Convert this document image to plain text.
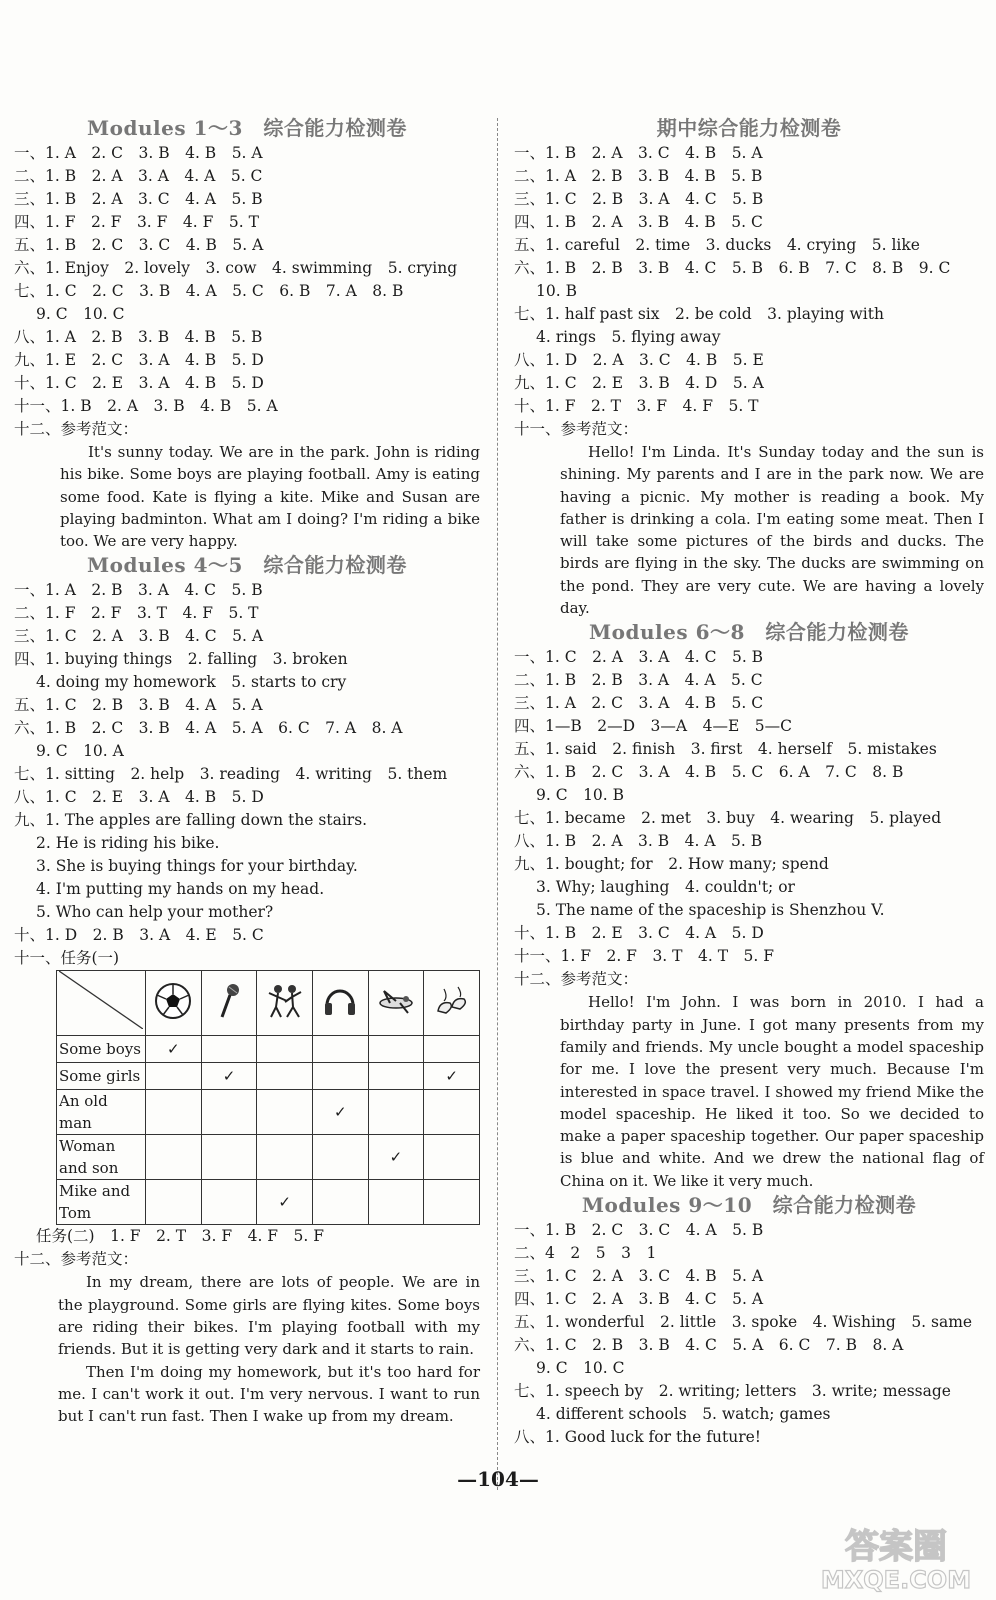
Modules 1～3　综合能力检测卷
一、1. A　2. C　3. B　4. B　5. A
二、1. B　2. A　3. A　4. A　5. C
三、1. B　2. A　3. C　4. A　5. B
四、1. F　2. F　3. F　4. F　5. T
五、1. B　2. C　3. C　4. B　5. A
六、1. Enjoy　2. lovely　3. cow　4. swimming　5. crying
七、1. C　2. C　3. B　4. A　5. C　6. B　7. A　8. B
9. C　10. C
八、1. A　2. B　3. B　4. B　5. B
九、1. E　2. C　3. A　4. B　5. D
十、1. C　2. E　3. A　4. B　5. D
十一、1. B　2. A　3. B　4. B　5. A
十二、参考范文：
It's sunny today. We are in the park. John is riding his bike. Some boys are playing football. Amy is eating some food. Kate is flying a kite. Mike and Susan are playing badminton. What am I doing? I'm riding a bike too. We are very happy.
Modules 4～5　综合能力检测卷
一、1. A　2. B　3. A　4. C　5. B
二、1. F　2. F　3. T　4. F　5. T
三、1. C　2. A　3. B　4. C　5. A
四、1. buying things　2. falling　3. broken
4. doing my homework　5. starts to cry
五、1. C　2. B　3. B　4. A　5. A
六、1. B　2. C　3. B　4. A　5. A　6. C　7. A　8. A
9. C　10. A
七、1. sitting　2. help　3. reading　4. writing　5. them
八、1. C　2. E　3. A　4. B　5. D
九、1. The apples are falling down the stairs.
2. He is riding his bike.
3. She is buying things for your birthday.
4. I'm putting my hands on my head.
5. Who can help your mother?
十、1. D　2. B　3. A　4. E　5. C
十一、任务(一)

Some boys	✓					
Some girls		✓				✓
An old man				✓		
Woman and son					✓	
Mike and Tom			✓			
任务(二)　1. F　2. T　3. F　4. F　5. F
十二、参考范文：

In my dream, there are lots of people. We are in the playground. Some girls are flying kites. Some boys are riding their bikes. I'm playing football with my friends. But it is getting very dark and it starts to rain.

Then I'm doing my homework, but it's too hard for me. I can't work it out. I'm very nervous. I want to run but I can't run fast. Then I wake up from my dream.

期中综合能力检测卷
一、1. B　2. A　3. C　4. B　5. A
二、1. A　2. B　3. B　4. B　5. B
三、1. C　2. B　3. A　4. C　5. B
四、1. B　2. A　3. B　4. B　5. C
五、1. careful　2. time　3. ducks　4. crying　5. like
六、1. B　2. B　3. B　4. C　5. B　6. B　7. C　8. B　9. C
10. B
七、1. half past six　2. be cold　3. playing with
4. rings　5. flying away
八、1. D　2. A　3. C　4. B　5. E
九、1. C　2. E　3. B　4. D　5. A
十、1. F　2. T　3. F　4. F　5. T
十一、参考范文：
Hello! I'm Linda. It's Sunday today and the sun is shining. My parents and I are in the park now. We are having a picnic. My mother is reading a book. My father is drinking a cola. I'm eating some meat. Then I will take some pictures of the birds and ducks. The birds are flying in the sky. The ducks are swimming on the pond. They are very cute. We are having a lovely day.
Modules 6～8　综合能力检测卷
一、1. C　2. A　3. A　4. C　5. B
二、1. B　2. B　3. A　4. A　5. C
三、1. A　2. C　3. A　4. B　5. C
四、1—B　2—D　3—A　4—E　5—C
五、1. said　2. finish　3. first　4. herself　5. mistakes
六、1. B　2. C　3. A　4. B　5. C　6. A　7. C　8. B
9. C　10. B
七、1. became　2. met　3. buy　4. wearing　5. played
八、1. B　2. A　3. B　4. A　5. B
九、1. bought; for　2. How many; spend
3. Why; laughing　4. couldn't; or
5. The name of the spaceship is Shenzhou V.
十、1. B　2. E　3. C　4. A　5. D
十一、1. F　2. F　3. T　4. T　5. F
十二、参考范文：
Hello! I'm John. I was born in 2010. I had a birthday party in June. I got many presents from my family and friends. My uncle bought a model spaceship for me. I love the present very much. Because I'm interested in space travel. I showed my friend Mike the model spaceship. He liked it too. So we decided to make a paper spaceship together. Our paper spaceship is blue and white. And we drew the national flag of China on it. We like it very much.
Modules 9～10　综合能力检测卷
一、1. B　2. C　3. C　4. A　5. B
二、4　2　5　3　1
三、1. C　2. A　3. C　4. B　5. A
四、1. C　2. A　3. B　4. C　5. A
五、1. wonderful　2. little　3. spoke　4. Wishing　5. same
六、1. C　2. B　3. B　4. C　5. A　6. C　7. B　8. A
9. C　10. C
七、1. speech by　2. writing; letters　3. write; message
4. different schools　5. watch; games
八、1. Good luck for the future!
—104—
答案圈
MXQE.COM
